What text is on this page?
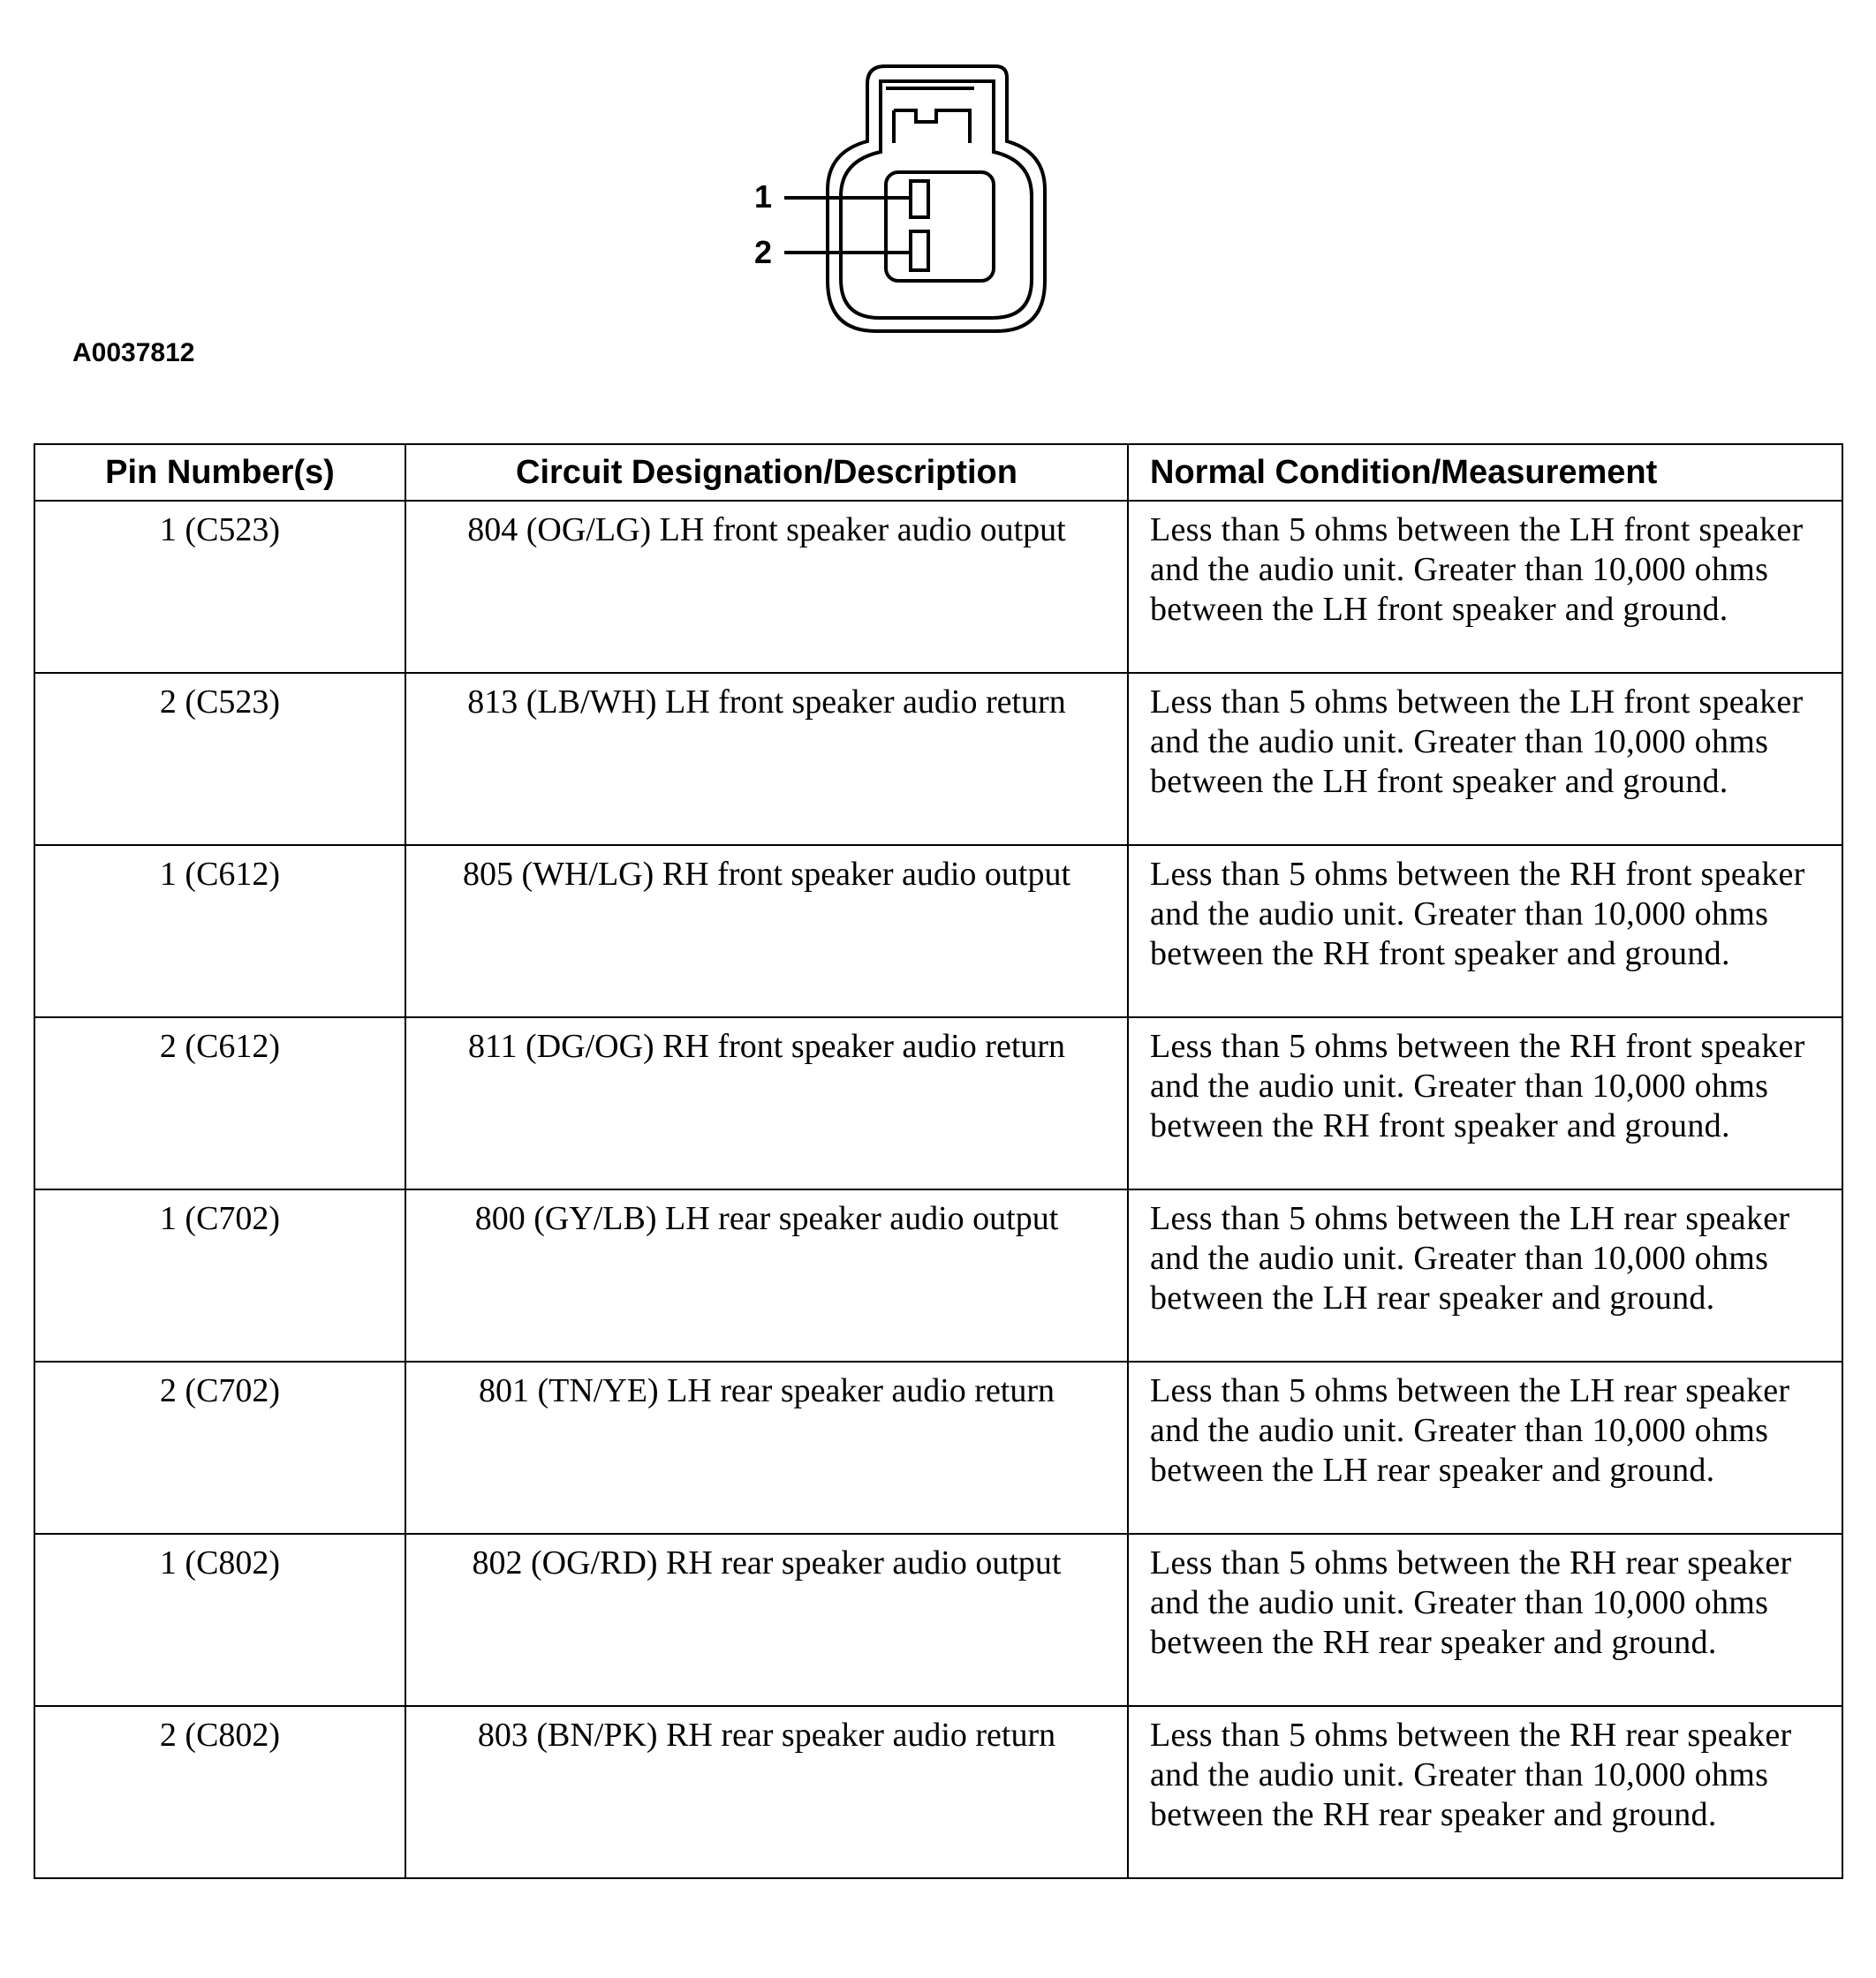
1
2
A0037812
Pin Number(s)	Circuit Designation/Description	Normal Condition/Measurement
1 (C523)	804 (OG/LG) LH front speaker audio output	Less than 5 ohms between the LH front speaker and the audio unit. Greater than 10,000 ohms between the LH front speaker and ground.
2 (C523)	813 (LB/WH) LH front speaker audio return	Less than 5 ohms between the LH front speaker and the audio unit. Greater than 10,000 ohms between the LH front speaker and ground.
1 (C612)	805 (WH/LG) RH front speaker audio output	Less than 5 ohms between the RH front speaker and the audio unit. Greater than 10,000 ohms between the RH front speaker and ground.
2 (C612)	811 (DG/OG) RH front speaker audio return	Less than 5 ohms between the RH front speaker and the audio unit. Greater than 10,000 ohms between the RH front speaker and ground.
1 (C702)	800 (GY/LB) LH rear speaker audio output	Less than 5 ohms between the LH rear speaker and the audio unit. Greater than 10,000 ohms between the LH rear speaker and ground.
2 (C702)	801 (TN/YE) LH rear speaker audio return	Less than 5 ohms between the LH rear speaker and the audio unit. Greater than 10,000 ohms between the LH rear speaker and ground.
1 (C802)	802 (OG/RD) RH rear speaker audio output	Less than 5 ohms between the RH rear speaker and the audio unit. Greater than 10,000 ohms between the RH rear speaker and ground.
2 (C802)	803 (BN/PK) RH rear speaker audio return	Less than 5 ohms between the RH rear speaker and the audio unit. Greater than 10,000 ohms between the RH rear speaker and ground.
